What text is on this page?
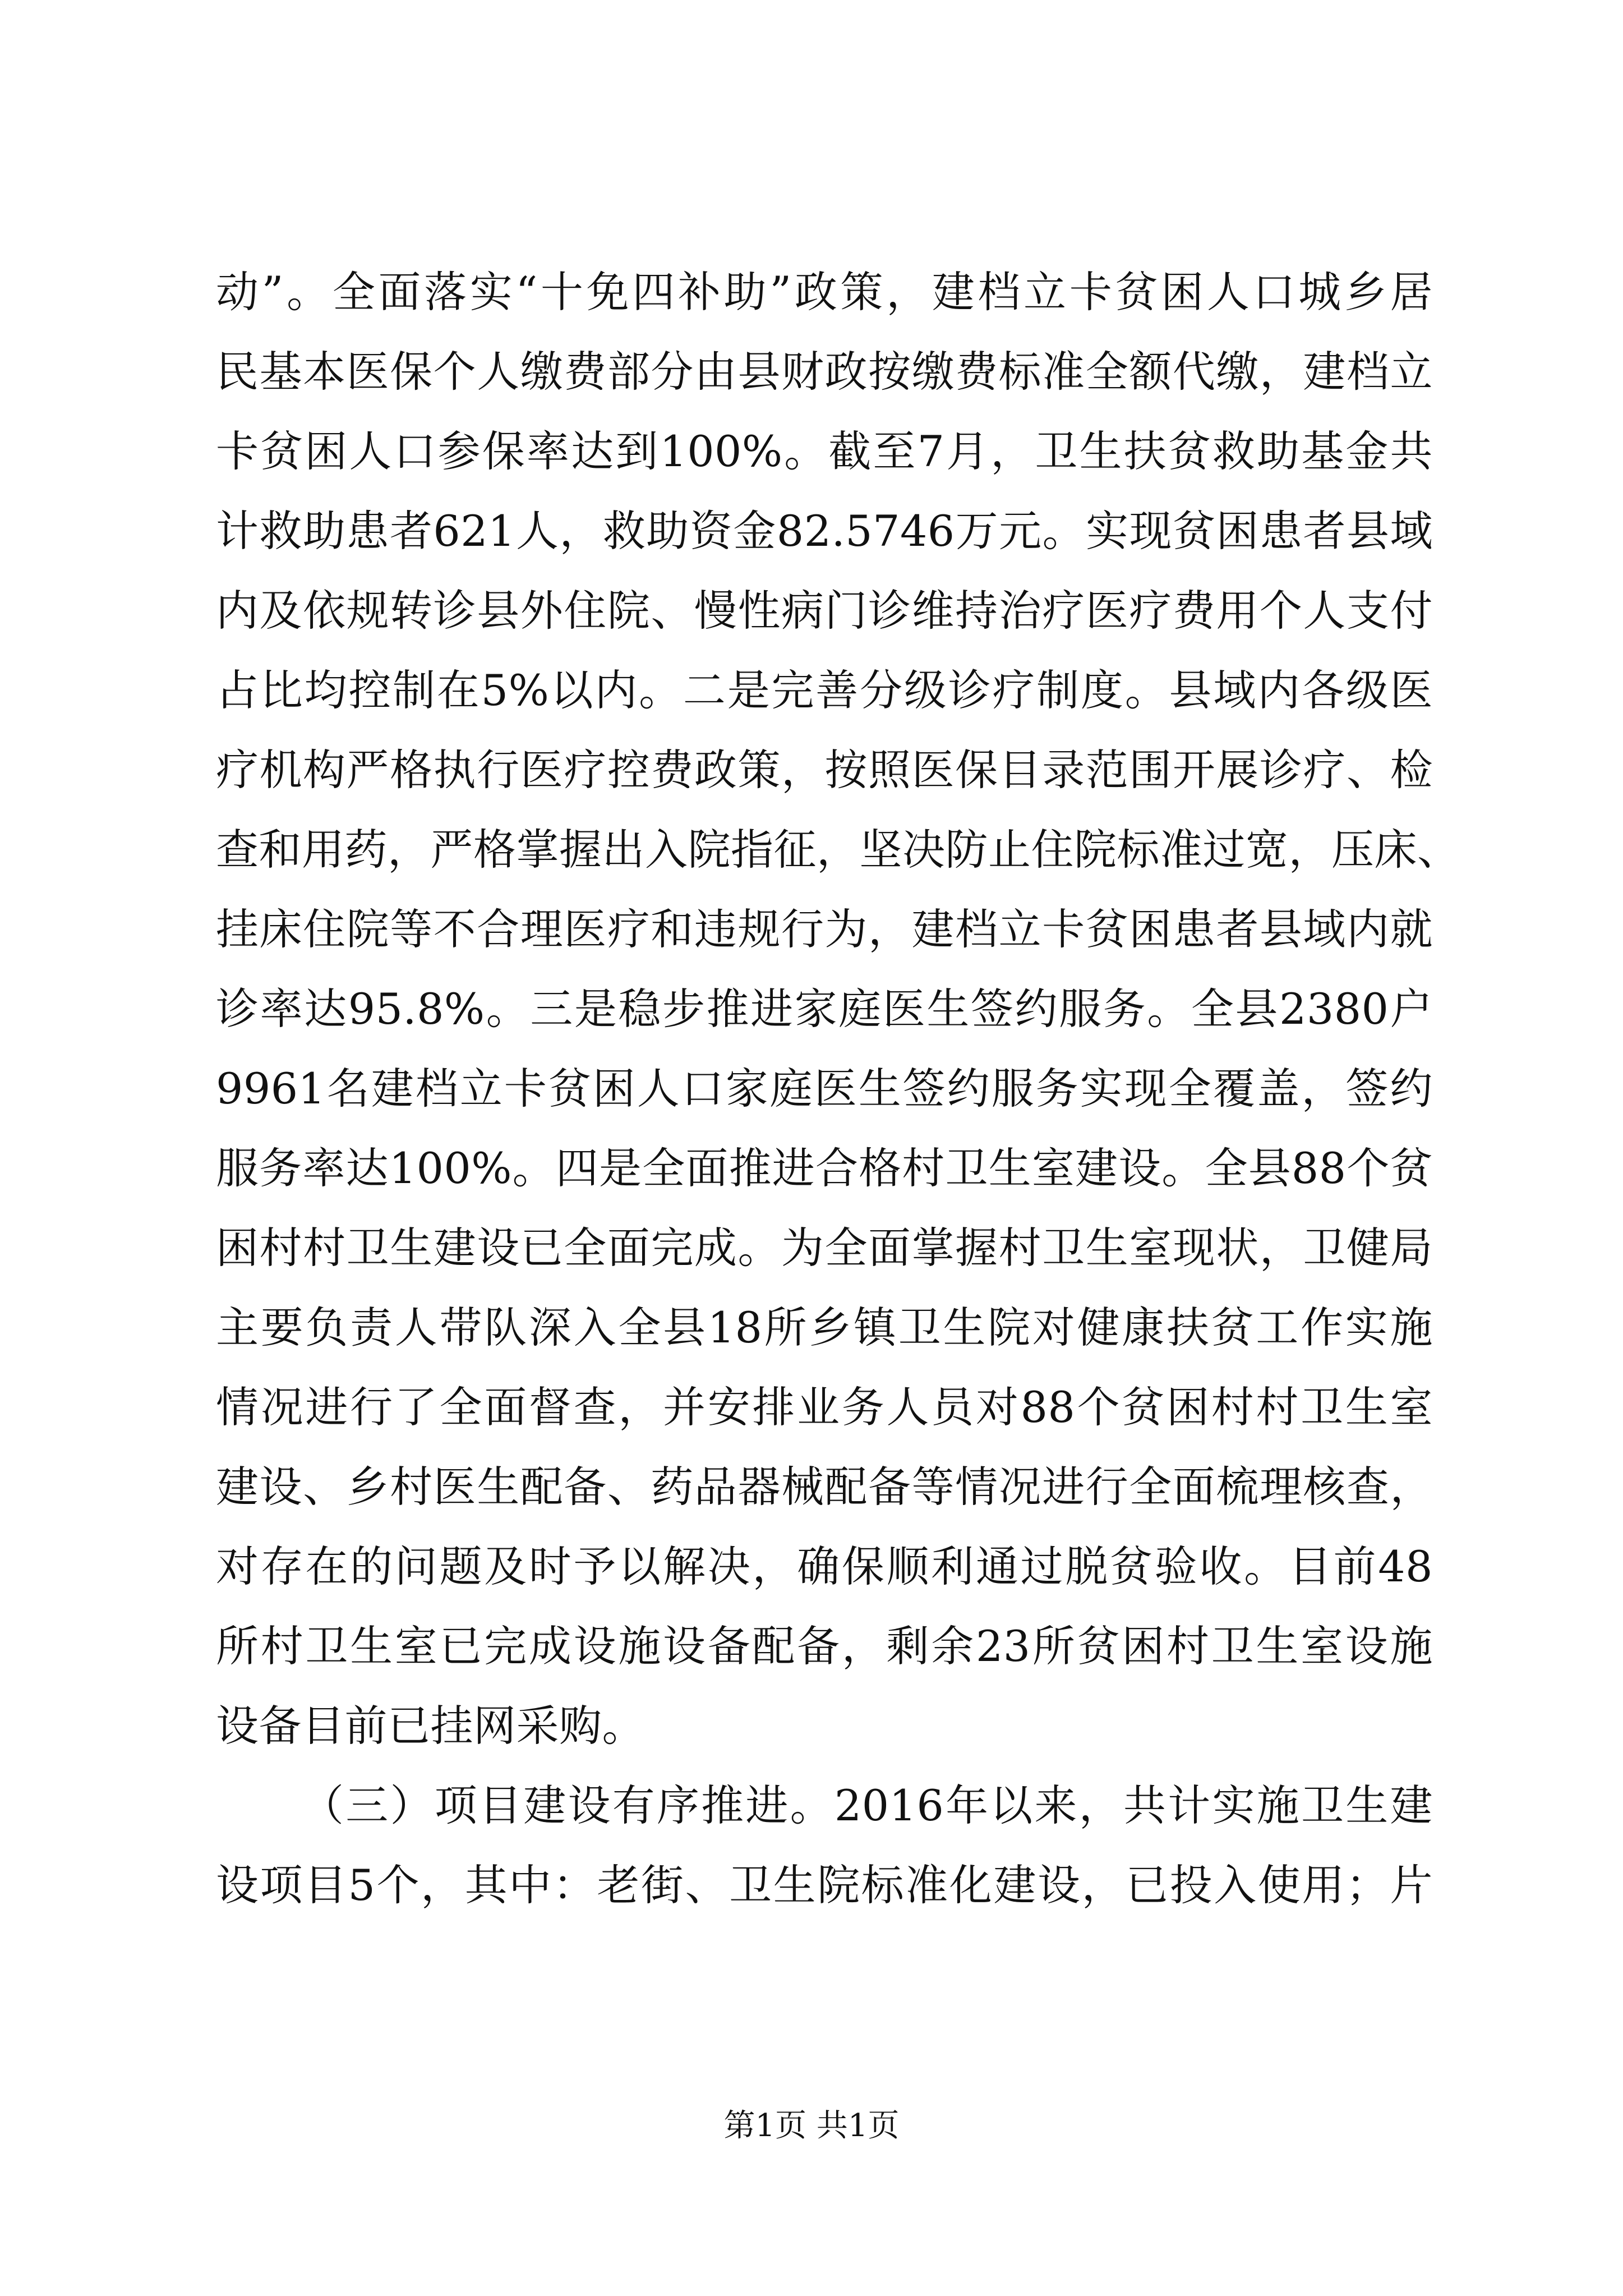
动”。全面落实“十免四补助”政策，建档立卡贫困人口城乡居
民基本医保个人缴费部分由县财政按缴费标准全额代缴，建档立
卡贫困人口参保率达到100%。截至7月，卫生扶贫救助基金共
计救助患者621人，救助资金82.5746万元。实现贫困患者县域
内及依规转诊县外住院、慢性病门诊维持治疗医疗费用个人支付
占比均控制在5%以内。二是完善分级诊疗制度。县域内各级医
疗机构严格执行医疗控费政策，按照医保目录范围开展诊疗、检
查和用药，严格掌握出入院指征，坚决防止住院标准过宽，压床、
挂床住院等不合理医疗和违规行为，建档立卡贫困患者县域内就
诊率达95.8%。三是稳步推进家庭医生签约服务。全县2380户
9961名建档立卡贫困人口家庭医生签约服务实现全覆盖，签约
服务率达100%。四是全面推进合格村卫生室建设。全县88个贫
困村村卫生建设已全面完成。为全面掌握村卫生室现状，卫健局
主要负责人带队深入全县18所乡镇卫生院对健康扶贫工作实施
情况进行了全面督查，并安排业务人员对88个贫困村村卫生室
建设、乡村医生配备、药品器械配备等情况进行全面梳理核查，
对存在的问题及时予以解决，确保顺利通过脱贫验收。目前48
所村卫生室已完成设施设备配备，剩余23所贫困村卫生室设施
设备目前已挂网采购。
（三）项目建设有序推进。2016年以来，共计实施卫生建
设项目5个，其中：老街、卫生院标准化建设，已投入使用；片
第1页 共1页
